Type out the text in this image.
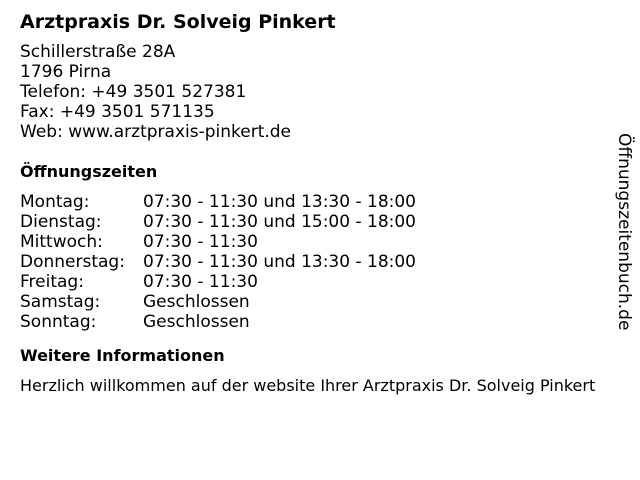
Arztpraxis Dr. Solveig Pinkert
Schillerstraße 28A
1796 Pirna
Telefon: +49 3501 527381
Fax: +49 3501 571135
Web: www.arztpraxis-pinkert.de
Öffnungszeiten
Montag:	07:30 - 11:30 und 13:30 - 18:00
Dienstag:	07:30 - 11:30 und 15:00 - 18:00
Mittwoch:	07:30 - 11:30
Donnerstag:	07:30 - 11:30 und 13:30 - 18:00
Freitag:	07:30 - 11:30
Samstag:	Geschlossen
Sonntag:	Geschlossen
Weitere Informationen
Herzlich willkommen auf der website Ihrer Arztpraxis Dr. Solveig Pinkert
Öffnungszeitenbuch.de
